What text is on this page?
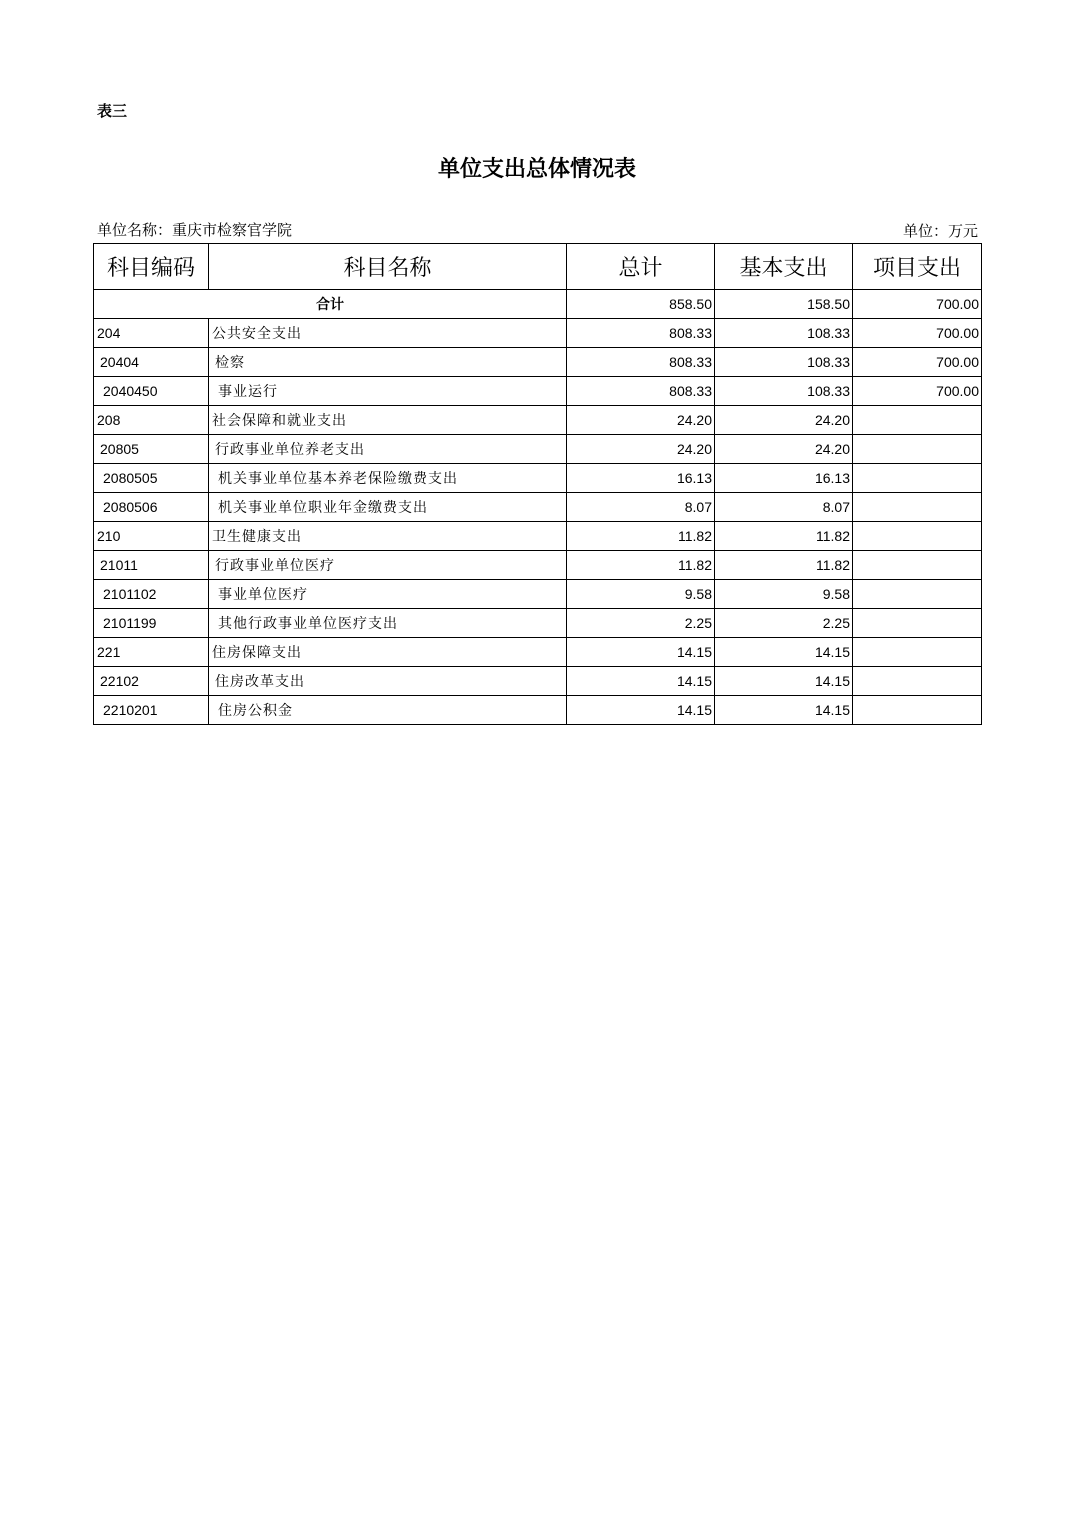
表三
单位支出总体情况表
单位名称：重庆市检察官学院	单位：万元
科目编码	科目名称	总计	基本支出	项目支出
合计		858.50	158.50	700.00
204	公共安全支出	808.33	108.33	700.00
20404	检察	808.33	108.33	700.00
2040450	事业运行	808.33	108.33	700.00
208	社会保障和就业支出	24.20	24.20	
20805	行政事业单位养老支出	24.20	24.20	
2080505	机关事业单位基本养老保险缴费支出	16.13	16.13	
2080506	机关事业单位职业年金缴费支出	8.07	8.07	
210	卫生健康支出	11.82	11.82	
21011	行政事业单位医疗	11.82	11.82	
2101102	事业单位医疗	9.58	9.58	
2101199	其他行政事业单位医疗支出	2.25	2.25	
221	住房保障支出	14.15	14.15	
22102	住房改革支出	14.15	14.15	
2210201	住房公积金	14.15	14.15	
